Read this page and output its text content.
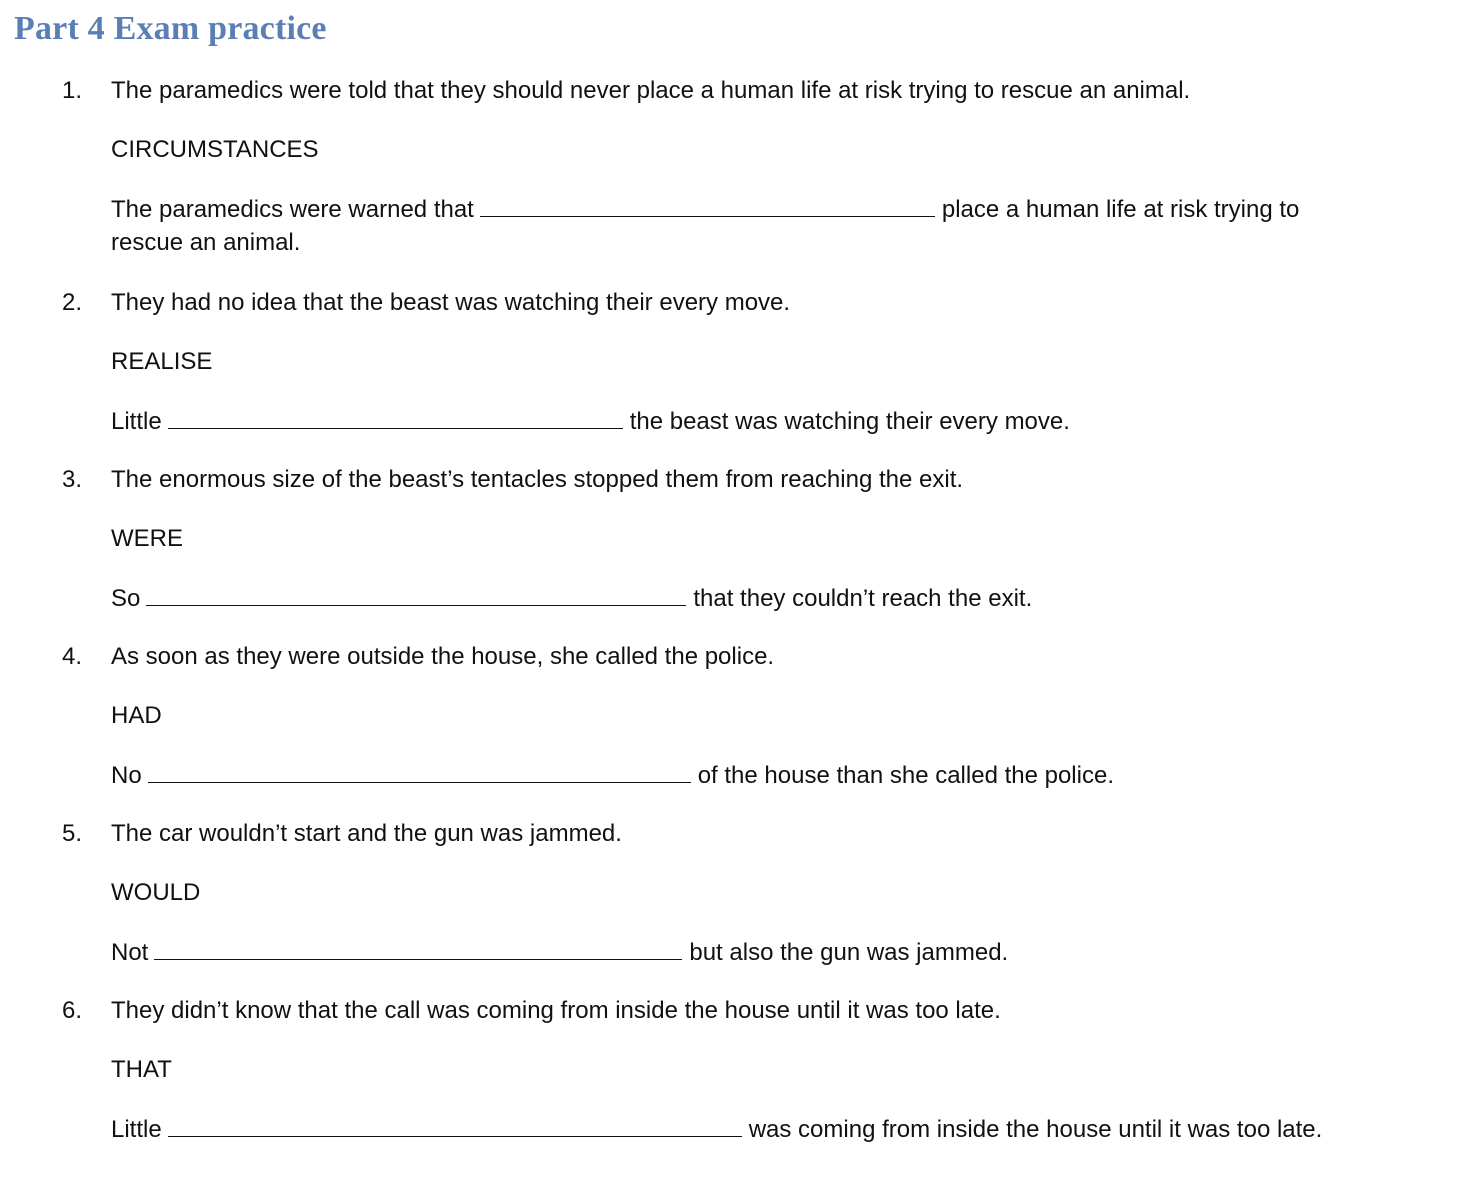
Part 4 Exam practice
1. The paramedics were told that they should never place a human life at risk trying to rescue an animal.
CIRCUMSTANCES
The paramedics were warned that	place a human life at risk trying to
rescue an animal.
2. They had no idea that the beast was watching their every move.
REALISE
Little	the beast was watching their every move.
3. The enormous size of the beast’s tentacles stopped them from reaching the exit.
WERE
So	that they couldn’t reach the exit.
4. As soon as they were outside the house, she called the police.
HAD
No	of the house than she called the police.
5. The car wouldn’t start and the gun was jammed.
WOULD
Not	but also the gun was jammed.
6. They didn’t know that the call was coming from inside the house until it was too late.
THAT
Little	was coming from inside the house until it was too late.
